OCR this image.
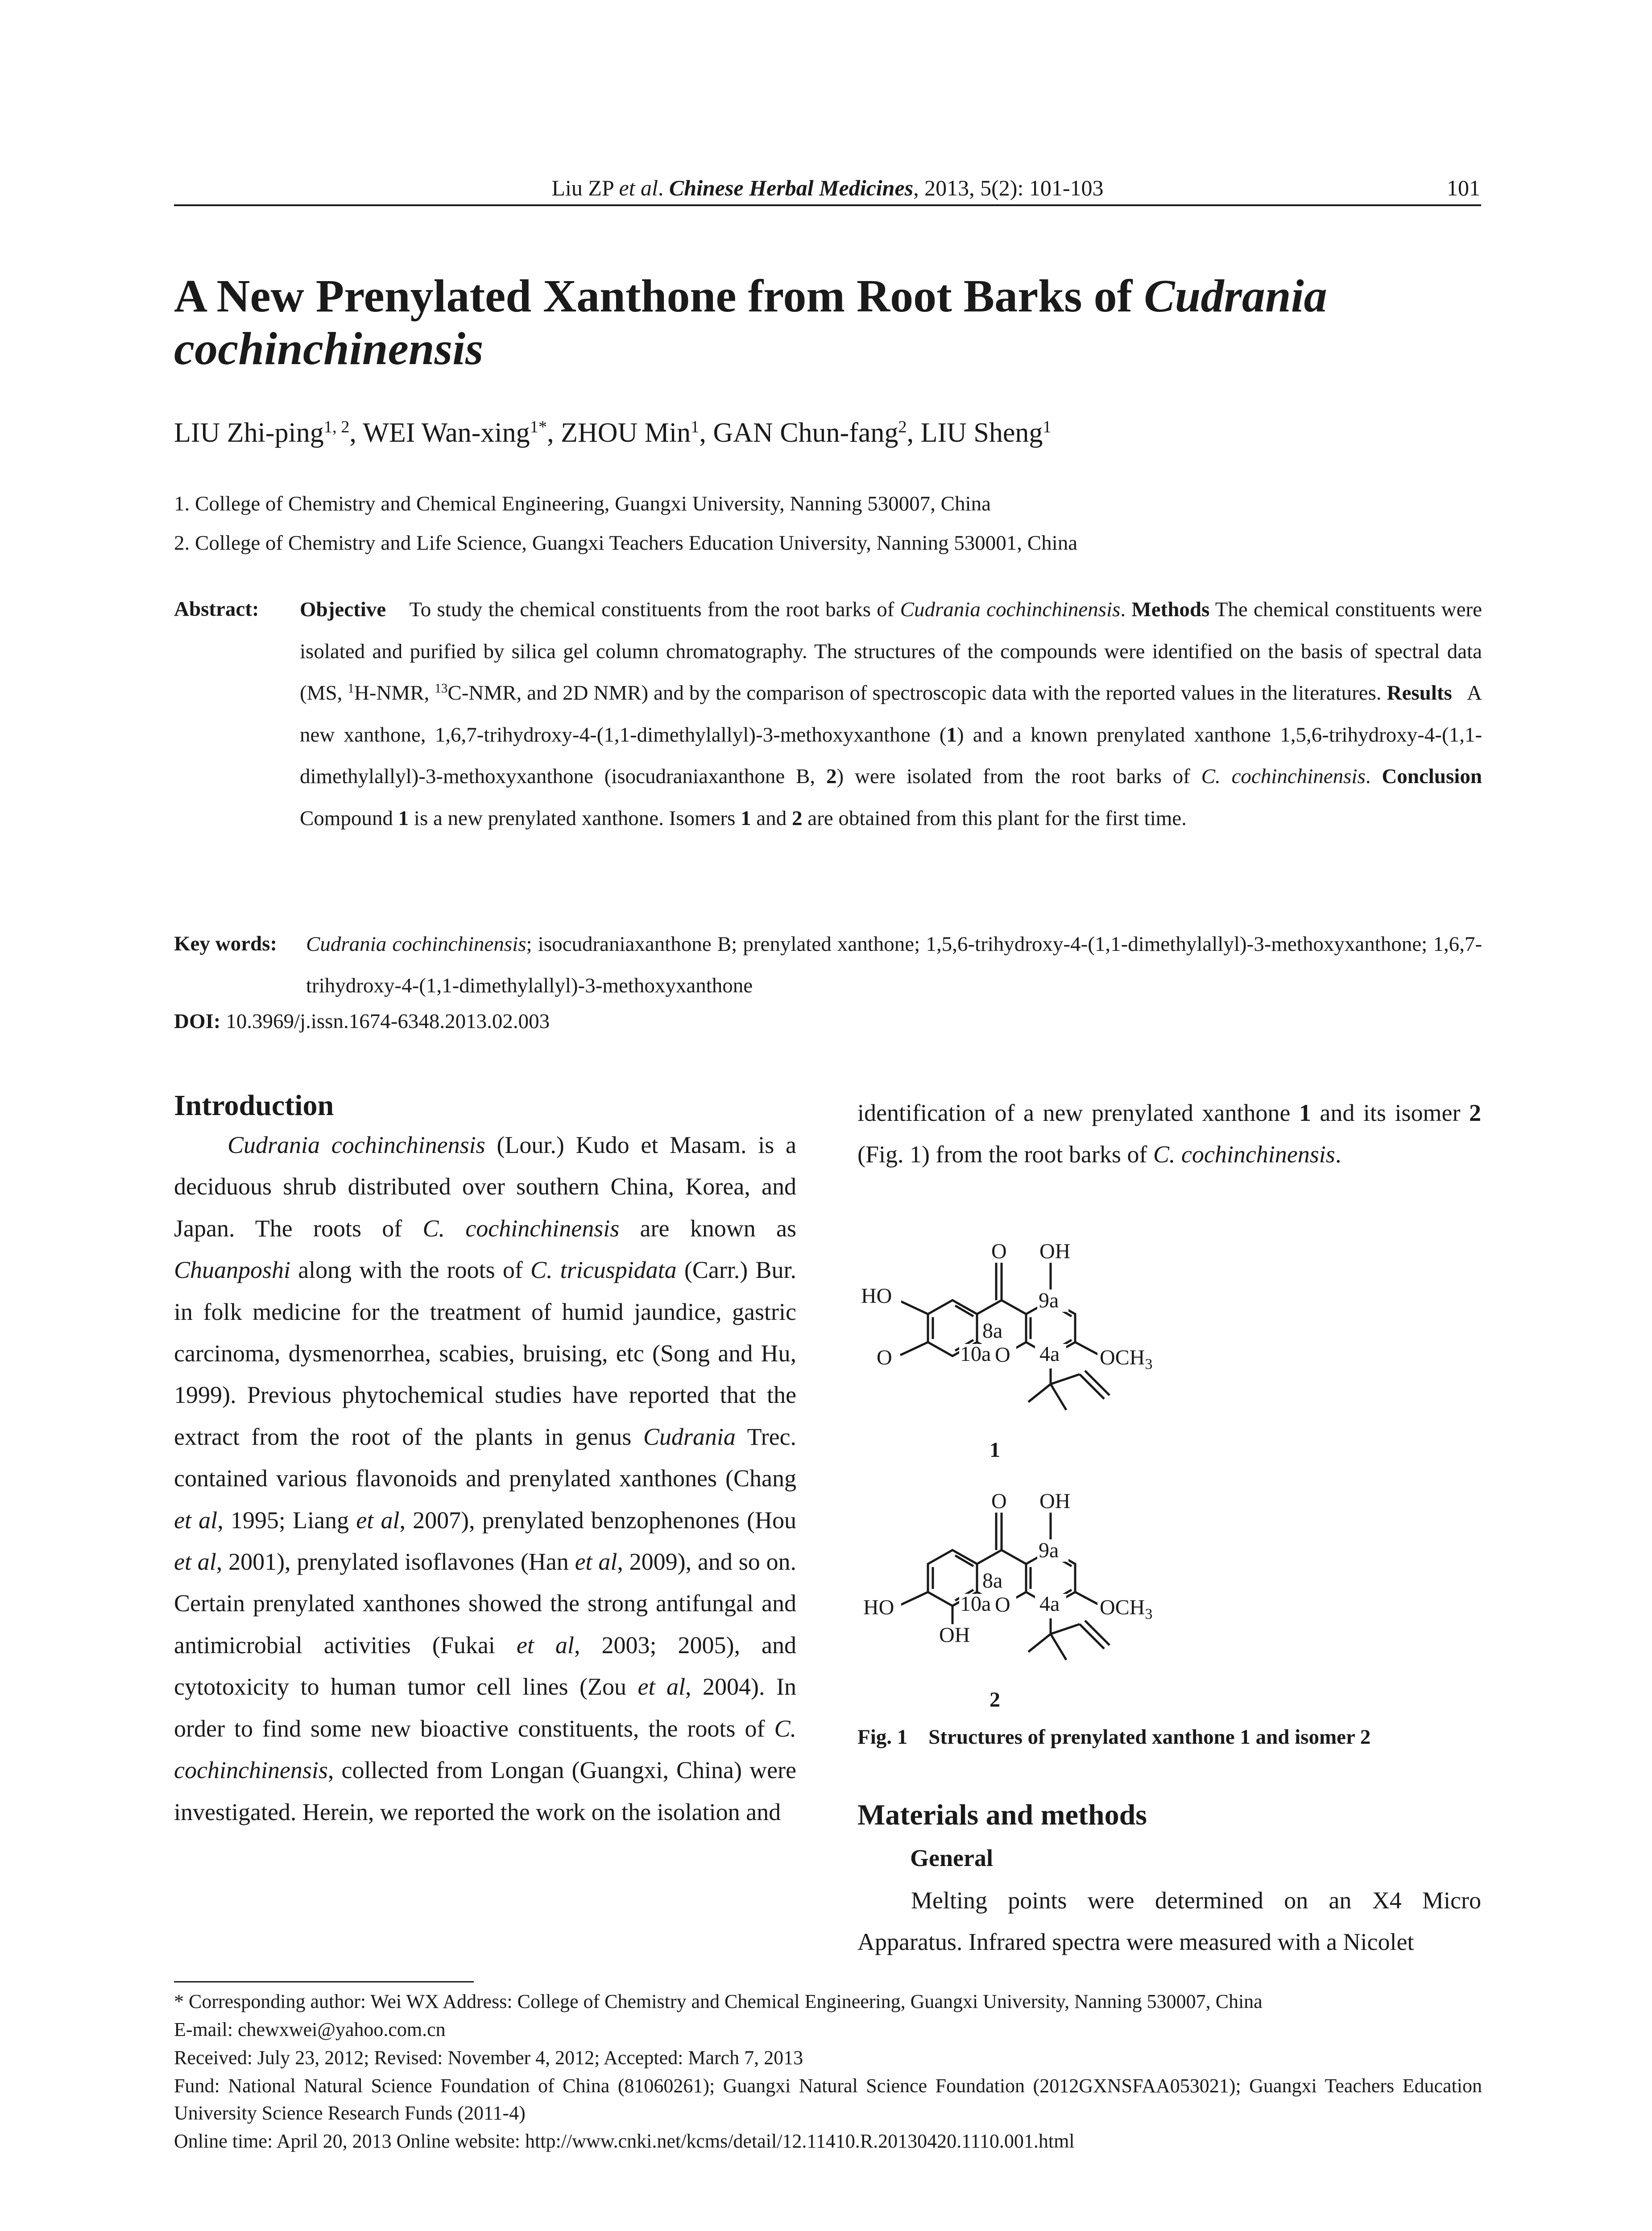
Liu ZP et al. Chinese Herbal Medicines, 2013, 5(2): 101-103	101
A New Prenylated Xanthone from Root Barks of Cudrania
cochinchinensis
LIU Zhi-ping$^{1, 2}$, WEI Wan-xing$^{1*}$, ZHOU Min$^1$, GAN Chun-fang$^2$, LIU Sheng$^1$
1. College of Chemistry and Chemical Engineering, Guangxi University, Nanning 530007, China
2. College of Chemistry and Life Science, Guangxi Teachers Education University, Nanning 530001, China
Abstract: Objective To study the chemical constituents from the root barks of Cudrania cochinchinensis. Methods The chemical constituents were isolated and purified by silica gel column chromatography. The structures of the compounds were identified on the basis of spectral data (MS, $^1$H-NMR, $^{13}$C-NMR, and 2D NMR) and by the comparison of spectroscopic data with the reported values in the literatures. Results A new xanthone, 1,6,7-trihydroxy-4-(1,1-dimethylallyl)-3-methoxyxanthone (1) and a known prenylated xanthone 1,5,6-trihydroxy-4-(1,1-dimethylallyl)-3-methoxyxanthone (isocudraniaxanthone B, 2) were isolated from the root barks of C. cochinchinensis. Conclusion Compound 1 is a new prenylated xanthone. Isomers 1 and 2 are obtained from this plant for the first time.
Key words: Cudrania cochinchinensis; isocudraniaxanthone B; prenylated xanthone; 1,5,6-trihydroxy-4-(1,1-dimethylallyl)-3-methoxyxanthone; 1,6,7-trihydroxy-4-(1,1-dimethylallyl)-3-methoxyxanthone
DOI: 10.3969/j.issn.1674-6348.2013.02.003
Introduction
Cudrania cochinchinensis (Lour.) Kudo et Masam. is a deciduous shrub distributed over southern China, Korea, and Japan. The roots of C. cochinchinensis are known as Chuanposhi along with the roots of C. tricuspidata (Carr.) Bur. in folk medicine for the treatment of humid jaundice, gastric carcinoma, dysmenorrhea, scabies, bruising, etc (Song and Hu, 1999). Previous phytochemical studies have reported that the extract from the root of the plants in genus Cudrania Trec. contained various flavonoids and prenylated xanthones (Chang et al, 1995; Liang et al, 2007), prenylated benzophenones (Hou et al, 2001), prenylated isoflavones (Han et al, 2009), and so on. Certain prenylated xanthones showed the strong antifungal and antimicrobial activities (Fukai et al, 2003; 2005), and cytotoxicity to human tumor cell lines (Zou et al, 2004). In order to find some new bioactive constituents, the roots of C. cochinchinensis, collected from Longan (Guangxi, China) were investigated. Herein, we reported the work on the isolation and
identification of a new prenylated xanthone 1 and its isomer 2 (Fig. 1) from the root barks of C. cochinchinensis.
O OH
9a
8a
10a O 4a
HO
O	$OCH_3$
1
O OH
9a
8a
10a O 4a
HO
OH
$OCH_3$
2
Fig. 1 Structures of prenylated xanthone 1 and isomer 2
Materials and methods
General
Melting points were determined on an X4 Micro Apparatus. Infrared spectra were measured with a Nicolet

* Corresponding author: Wei WX Address: College of Chemistry and Chemical Engineering, Guangxi University, Nanning 530007, China

E-mail: chewxwei@yahoo.com.cn

Received: July 23, 2012; Revised: November 4, 2012; Accepted: March 7, 2013

Fund: National Natural Science Foundation of China (81060261); Guangxi Natural Science Foundation (2012GXNSFAA053021); Guangxi Teachers Education University Science Research Funds (2011-4)

Online time: April 20, 2013 Online website: http://www.cnki.net/kcms/detail/12.11410.R.20130420.1110.001.html
